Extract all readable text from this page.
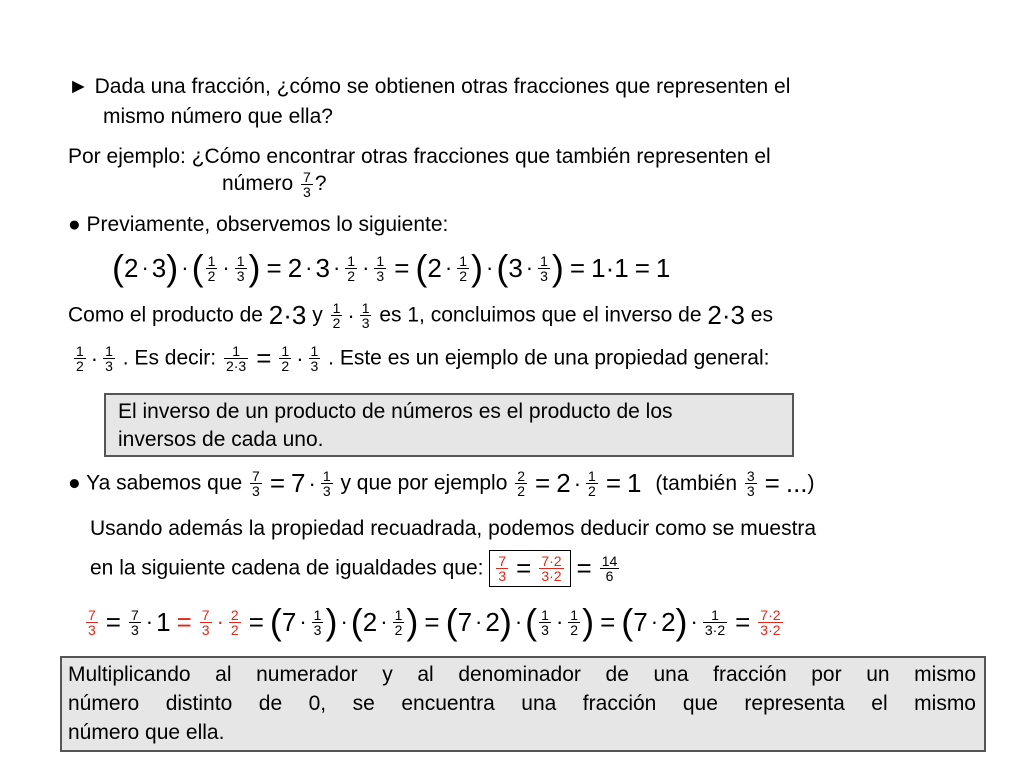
► Dada una fracción, ¿cómo se obtienen otras fracciones que representen el
mismo número que ella?
Por ejemplo: ¿Cómo encontrar otras fracciones que también representen el
número $\frac{7}{3}$ ?
● Previamente, observemos lo siguiente:
(2 · 3) ·( $\frac{1}{2} \cdot \frac{1}{3}$ ) = $2 \cdot 3 \cdot \frac{1}{2} \cdot \frac{1}{3} = (2 \cdot \frac{1}{2}$ ) $\cdot(3 \cdot \frac{1}{3}$ ) = 1·1 = 1
Como el producto de 2·3 y $\frac{1}{2} \cdot \frac{1}{3}$ es 1, concluimos que el inverso de 2·3 es
$\frac{1}{2} \cdot \frac{1}{3}$ . Es decir: $\frac{1}{2\cdot 3} = \frac{1}{2} \cdot \frac{1}{3}$ . Este es un ejemplo de una propiedad general:
El inverso de un producto de números es el producto de los
inversos de cada uno.
● Ya sabemos que $\frac{7}{3} = 7 \cdot \frac{1}{3}$ y que por ejemplo $\frac{2}{2} = 2 \cdot \frac{1}{2} = 1$ (también $\frac{3}{3}$ = ...)
Usando además la propiedad recuadrada, podemos deducir como se muestra
en la siguiente cadena de igualdades que: $\frac{7}{3} = \frac{7\cdot 2}{3\cdot 2} = \frac{14}{6}$
$\frac{7}{3} = \frac{7}{3} \cdot 1 = \frac{7}{3} \cdot \frac{2}{2} = (7 \cdot \frac{1}{3}$ ) $\cdot(2 \cdot \frac{1}{2}$ ) = (7 · 2) ·( $\frac{1}{3} \cdot \frac{1}{2}$ ) = $(7 \cdot 2) \cdot \frac{1}{3\cdot 2} = \frac{7\cdot 2}{3\cdot 2}$
Multiplicando al numerador y al denominador de una fracción por un mismo
número distinto de 0, se encuentra una fracción que representa el mismo
número que ella.
